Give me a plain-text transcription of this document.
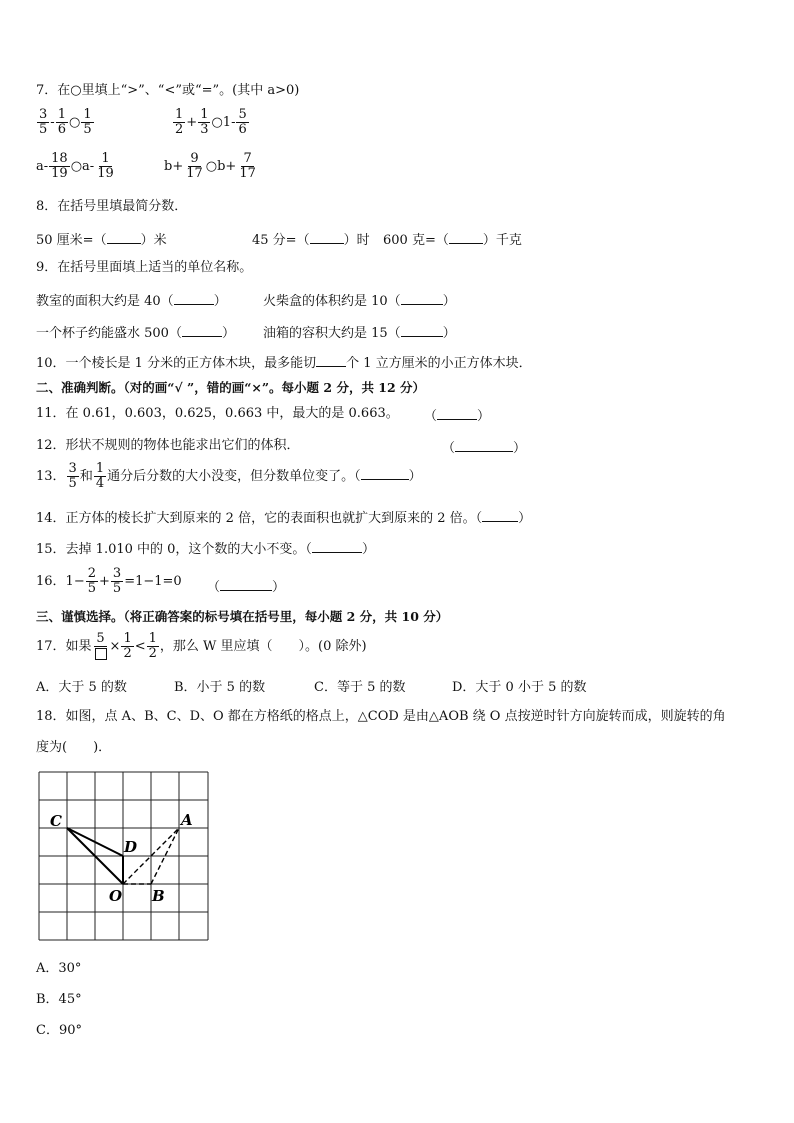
7．在○里填上“>”、“<”或“=”。(其中 a>0)
$\frac{3}{5} - \frac{1}{6}$ ○ $\frac{1}{5}$	$\frac{1}{2} + \frac{1}{3}$ ○1- $\frac{5}{6}$
$a- \frac{18}{19}$ ○a- $\frac{1}{19}$	$b+ \frac{9}{17}$ ○b+ $\frac{7}{17}$
8．在括号里填最简分数．
50 厘米=（	）米	45 分=（	）时 600 克=（	）千克
9．在括号里面填上适当的单位名称。
教室的面积大约是 40（	）	火柴盒的体积约是 10（	）
一个杯子约能盛水 500（	） 油箱的容积大约是 15（	）
10．一个棱长是 1 分米的正方体木块，最多能切 个 1 立方厘米的小正方体木块．
二、准确判断。（对的画“√ ”，错的画“×”。每小题 2 分，共 12 分）
11．在 0.61，0.603，0.625，0.663 中，最大的是 0.663。 （	）
12．形状不规则的物体也能求出它们的体积．	（	）
13． $\frac{3}{5}$ 和 $\frac{1}{4}$ 通分后分数的大小没变，但分数单位变了。（	）
14．正方体的棱长扩大到原来的 2 倍，它的表面积也就扩大到原来的 2 倍。（	）
15．去掉 1.010 中的 0，这个数的大小不变。（	）
16．$1- \frac{2}{5} + \frac{3}{5} =1-1=0$ （	）
三、谨慎选择。（将正确答案的标号填在括号里，每小题 2 分，共 10 分）
17．如果
5
× $\frac{1}{2} < \frac{1}{2}$ ，那么 W 里应填（　　）。(0 除外)
A．大于 5 的数	B．小于 5 的数	C．等于 5 的数	D．大于 0 小于 5 的数
18．如图，点 A、B、C、D、O 都在方格纸的格点上，△COD 是由△AOB 绕 O 点按逆时针方向旋转而成，则旋转的角
度为(　　)．
C
D
A
O B
A．30°
B．45°
C．90°
